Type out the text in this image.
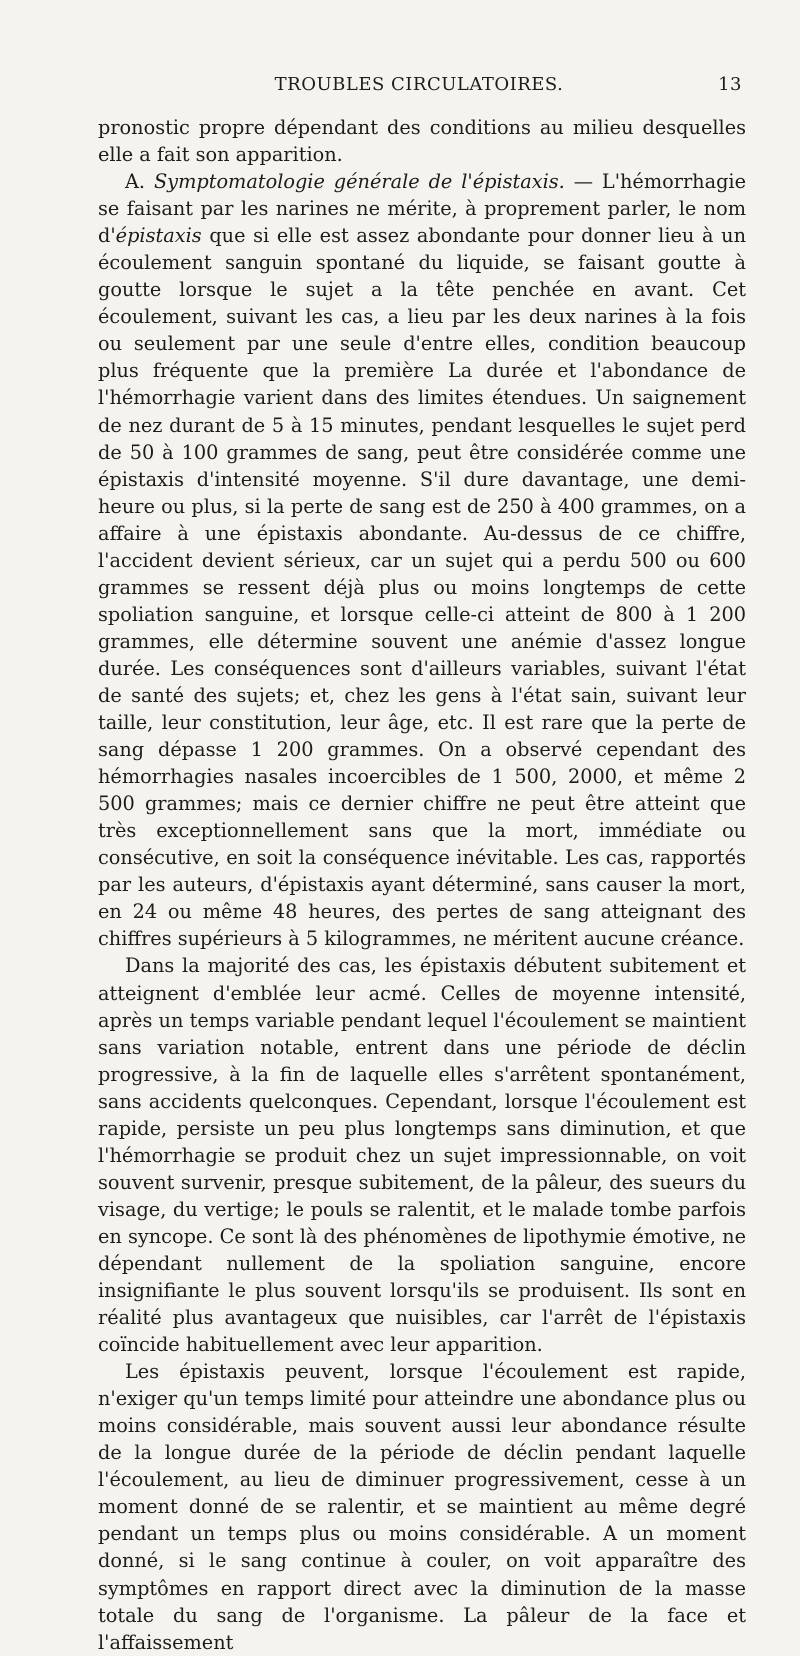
TROUBLES CIRCULATOIRES.	13

pronostic propre dépendant des conditions au milieu desquelles elle a fait son apparition.

A. Symptomatologie générale de l'épistaxis. — L'hémorrhagie se faisant par les narines ne mérite, à proprement parler, le nom d'épistaxis que si elle est assez abondante pour donner lieu à un écoulement sanguin spontané du liquide, se faisant goutte à goutte lorsque le sujet a la tête penchée en avant. Cet écoulement, suivant les cas, a lieu par les deux narines à la fois ou seulement par une seule d'entre elles, condition beaucoup plus fréquente que la première La durée et l'abondance de l'hémorrhagie varient dans des limites étendues. Un saignement de nez durant de 5 à 15 minutes, pendant lesquelles le sujet perd de 50 à 100 grammes de sang, peut être considérée comme une épistaxis d'intensité moyenne. S'il dure davantage, une demi-heure ou plus, si la perte de sang est de 250 à 400 grammes, on a affaire à une épistaxis abondante. Au-dessus de ce chiffre, l'accident devient sérieux, car un sujet qui a perdu 500 ou 600 grammes se ressent déjà plus ou moins longtemps de cette spoliation sanguine, et lorsque celle-ci atteint de 800 à 1 200 grammes, elle détermine souvent une anémie d'assez longue durée. Les conséquences sont d'ailleurs variables, suivant l'état de santé des sujets; et, chez les gens à l'état sain, suivant leur taille, leur constitution, leur âge, etc. Il est rare que la perte de sang dépasse 1 200 grammes. On a observé cependant des hémorrhagies nasales incoercibles de 1 500, 2000, et même 2 500 grammes; mais ce dernier chiffre ne peut être atteint que très exceptionnellement sans que la mort, immédiate ou consécutive, en soit la conséquence inévitable. Les cas, rapportés par les auteurs, d'épistaxis ayant déterminé, sans causer la mort, en 24 ou même 48 heures, des pertes de sang atteignant des chiffres supérieurs à 5 kilogrammes, ne méritent aucune créance.

Dans la majorité des cas, les épistaxis débutent subitement et atteignent d'emblée leur acmé. Celles de moyenne intensité, après un temps variable pendant lequel l'écoulement se maintient sans variation notable, entrent dans une période de déclin progressive, à la fin de laquelle elles s'arrêtent spontanément, sans accidents quelconques. Cependant, lorsque l'écoulement est rapide, persiste un peu plus longtemps sans diminution, et que l'hémorrhagie se produit chez un sujet impressionnable, on voit souvent survenir, presque subitement, de la pâleur, des sueurs du visage, du vertige; le pouls se ralentit, et le malade tombe parfois en syncope. Ce sont là des phénomènes de lipothymie émotive, ne dépendant nullement de la spoliation sanguine, encore insignifiante le plus souvent lorsqu'ils se produisent. Ils sont en réalité plus avantageux que nuisibles, car l'arrêt de l'épistaxis coïncide habituellement avec leur apparition.

Les épistaxis peuvent, lorsque l'écoulement est rapide, n'exiger qu'un temps limité pour atteindre une abondance plus ou moins considérable, mais souvent aussi leur abondance résulte de la longue durée de la période de déclin pendant laquelle l'écoulement, au lieu de diminuer progressivement, cesse à un moment donné de se ralentir, et se maintient au même degré pendant un temps plus ou moins considérable. A un moment donné, si le sang continue à couler, on voit apparaître des symptômes en rapport direct avec la diminution de la masse totale du sang de l'organisme. La pâleur de la face et l'affaissement
